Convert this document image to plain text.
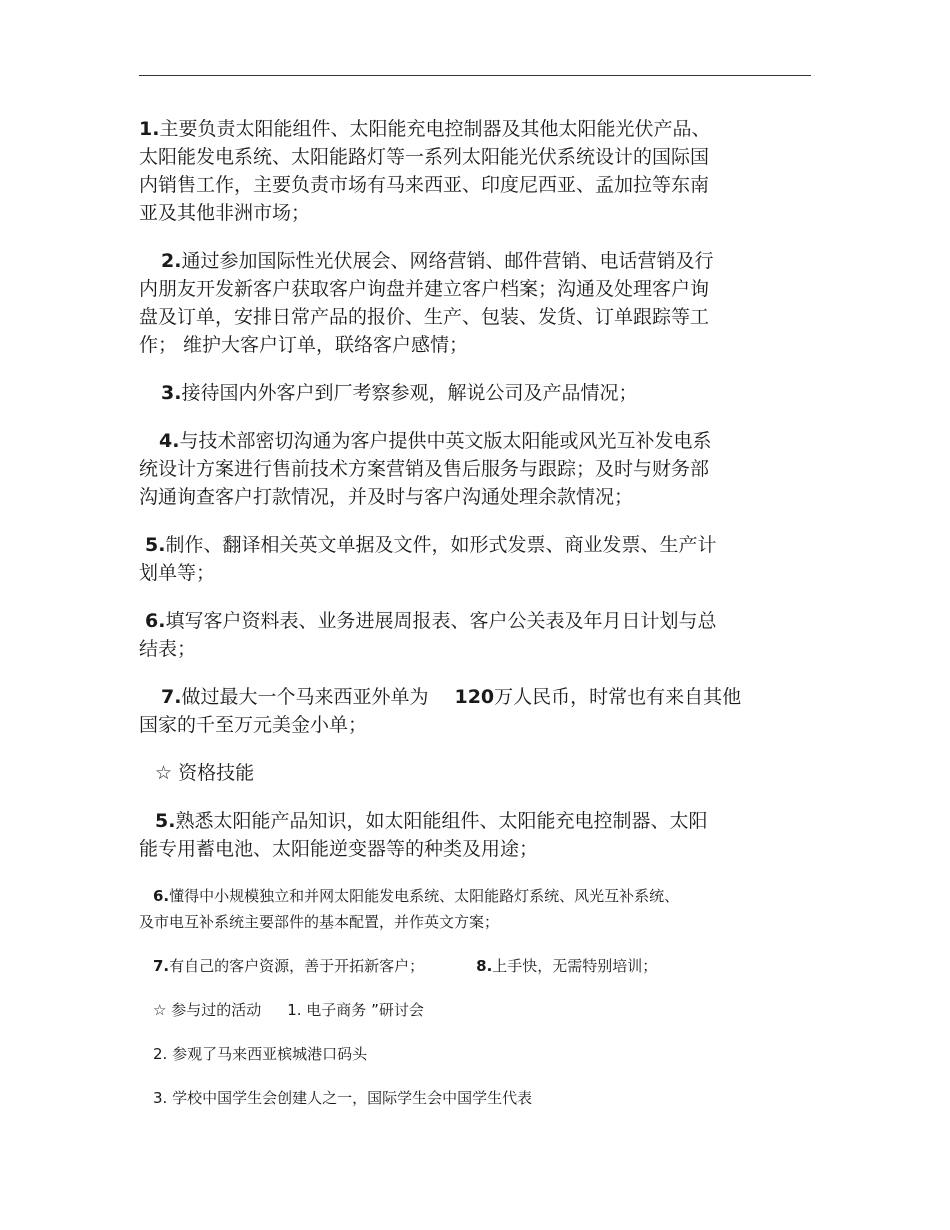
1.主要负责太阳能组件、太阳能充电控制器及其他太阳能光伏产品、

太阳能发电系统、太阳能路灯等一系列太阳能光伏系统设计的国际国

内销售工作，主要负责市场有马来西亚、印度尼西亚、孟加拉等东南

亚及其他非洲市场；

2.通过参加国际性光伏展会、网络营销、邮件营销、电话营销及行

内朋友开发新客户获取客户询盘并建立客户档案；沟通及处理客户询

盘及订单，安排日常产品的报价、生产、包装、发货、订单跟踪等工

作； 维护大客户订单，联络客户感情；

3.接待国内外客户到厂考察参观，解说公司及产品情况；

4.与技术部密切沟通为客户提供中英文版太阳能或风光互补发电系

统设计方案进行售前技术方案营销及售后服务与跟踪；及时与财务部

沟通询查客户打款情况，并及时与客户沟通处理余款情况；

5.制作、翻译相关英文单据及文件，如形式发票、商业发票、生产计

划单等；

6.填写客户资料表、业务进展周报表、客户公关表及年月日计划与总

结表；

7.做过最大一个马来西亚外单为 120万人民币，时常也有来自其他

国家的千至万元美金小单；

☆ 资格技能

5.熟悉太阳能产品知识，如太阳能组件、太阳能充电控制器、太阳

能专用蓄电池、太阳能逆变器等的种类及用途；

6.懂得中小规模独立和并网太阳能发电系统、太阳能路灯系统、风光互补系统、

及市电互补系统主要部件的基本配置，并作英文方案；

7.有自己的客户资源，善于开拓新客户；	8.上手快，无需特别培训；

☆ 参与过的活动 1. 电子商务 ”研讨会

2. 参观了马来西亚槟城港口码头

3. 学校中国学生会创建人之一，国际学生会中国学生代表
